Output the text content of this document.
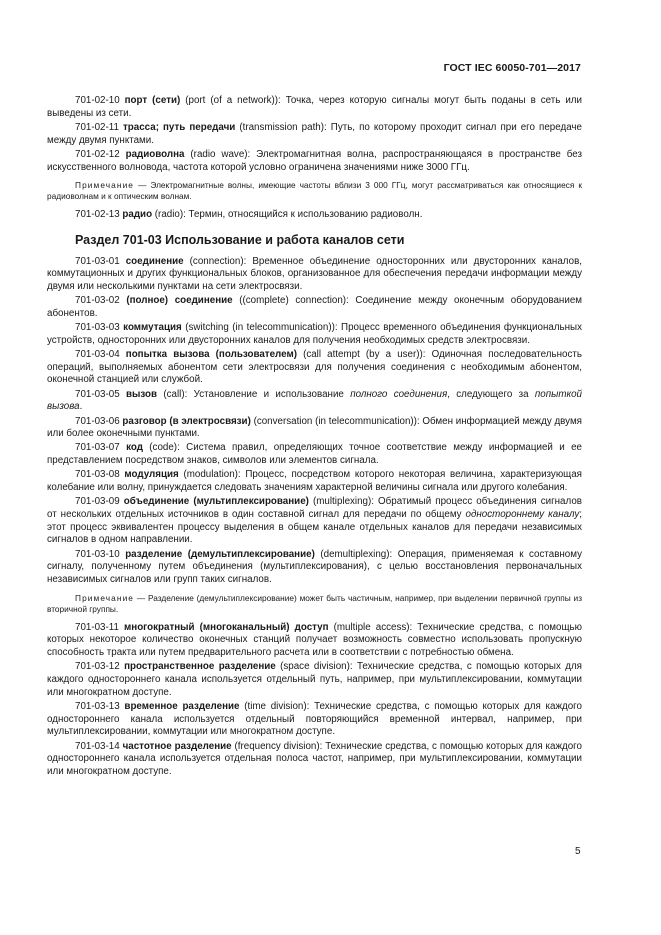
ГОСТ IEC 60050-701—2017

701-02-10 порт (сети) (port (of a network)): Точка, через которую сигналы могут быть поданы в сеть или выведены из сети.

701-02-11 трасса; путь передачи (transmission path): Путь, по которому проходит сигнал при его передаче между двумя пунктами.

701-02-12 радиоволна (radio wave): Электромагнитная волна, распространяющаяся в пространстве без искусственного волновода, частота которой условно ограничена значениями ниже 3000 ГГц.

Примечание — Электромагнитные волны, имеющие частоты вблизи 3 000 ГГц, могут рассматриваться как относящиеся к радиоволнам и к оптическим волнам.

701-02-13 радио (radio): Термин, относящийся к использованию радиоволн.

Раздел 701-03 Использование и работа каналов сети

701-03-01 соединение (connection): Временное объединение односторонних или двусторонних каналов, коммутационных и других функциональных блоков, организованное для обеспечения передачи информации между двумя или несколькими пунктами на сети электросвязи.

701-03-02 (полное) соединение ((complete) connection): Соединение между оконечным оборудованием абонентов.

701-03-03 коммутация (switching (in telecommunication)): Процесс временного объединения функциональных устройств, односторонних или двусторонних каналов для получения необходимых средств электросвязи.

701-03-04 попытка вызова (пользователем) (call attempt (by a user)): Одиночная последовательность операций, выполняемых абонентом сети электросвязи для получения соединения с необходимым абонентом, оконечной станцией или службой.

701-03-05 вызов (call): Установление и использование полного соединения, следующего за попыткой вызова.

701-03-06 разговор (в электросвязи) (conversation (in telecommunication)): Обмен информацией между двумя или более оконечными пунктами.

701-03-07 код (code): Система правил, определяющих точное соответствие между информацией и ее представлением посредством знаков, символов или элементов сигнала.

701-03-08 модуляция (modulation): Процесс, посредством которого некоторая величина, характеризующая колебание или волну, принуждается следовать значениям характерной величины сигнала или другого колебания.

701-03-09 объединение (мультиплексирование) (multiplexing): Обратимый процесс объединения сигналов от нескольких отдельных источников в один составной сигнал для передачи по общему одностороннему каналу; этот процесс эквивалентен процессу выделения в общем канале отдельных каналов для передачи независимых сигналов в одном направлении.

701-03-10 разделение (демультиплексирование) (demultiplexing): Операция, применяемая к составному сигналу, полученному путем объединения (мультиплексирования), с целью восстановления первоначальных независимых сигналов или групп таких сигналов.

Примечание — Разделение (демультиплексирование) может быть частичным, например, при выделении первичной группы из вторичной группы.

701-03-11 многократный (многоканальный) доступ (multiple access): Технические средства, с помощью которых некоторое количество оконечных станций получает возможность совместно использовать пропускную способность тракта или путем предварительного расчета или в соответствии с потребностью обмена.

701-03-12 пространственное разделение (space division): Технические средства, с помощью которых для каждого одностороннего канала используется отдельный путь, например, при мультиплексировании, коммутации или многократном доступе.

701-03-13 временное разделение (time division): Технические средства, с помощью которых для каждого одностороннего канала используется отдельный повторяющийся временной интервал, например, при мультиплексировании, коммутации или многократном доступе.

701-03-14 частотное разделение (frequency division): Технические средства, с помощью которых для каждого одностороннего канала используется отдельная полоса частот, например, при мультиплексировании, коммутации или многократном доступе.

5
